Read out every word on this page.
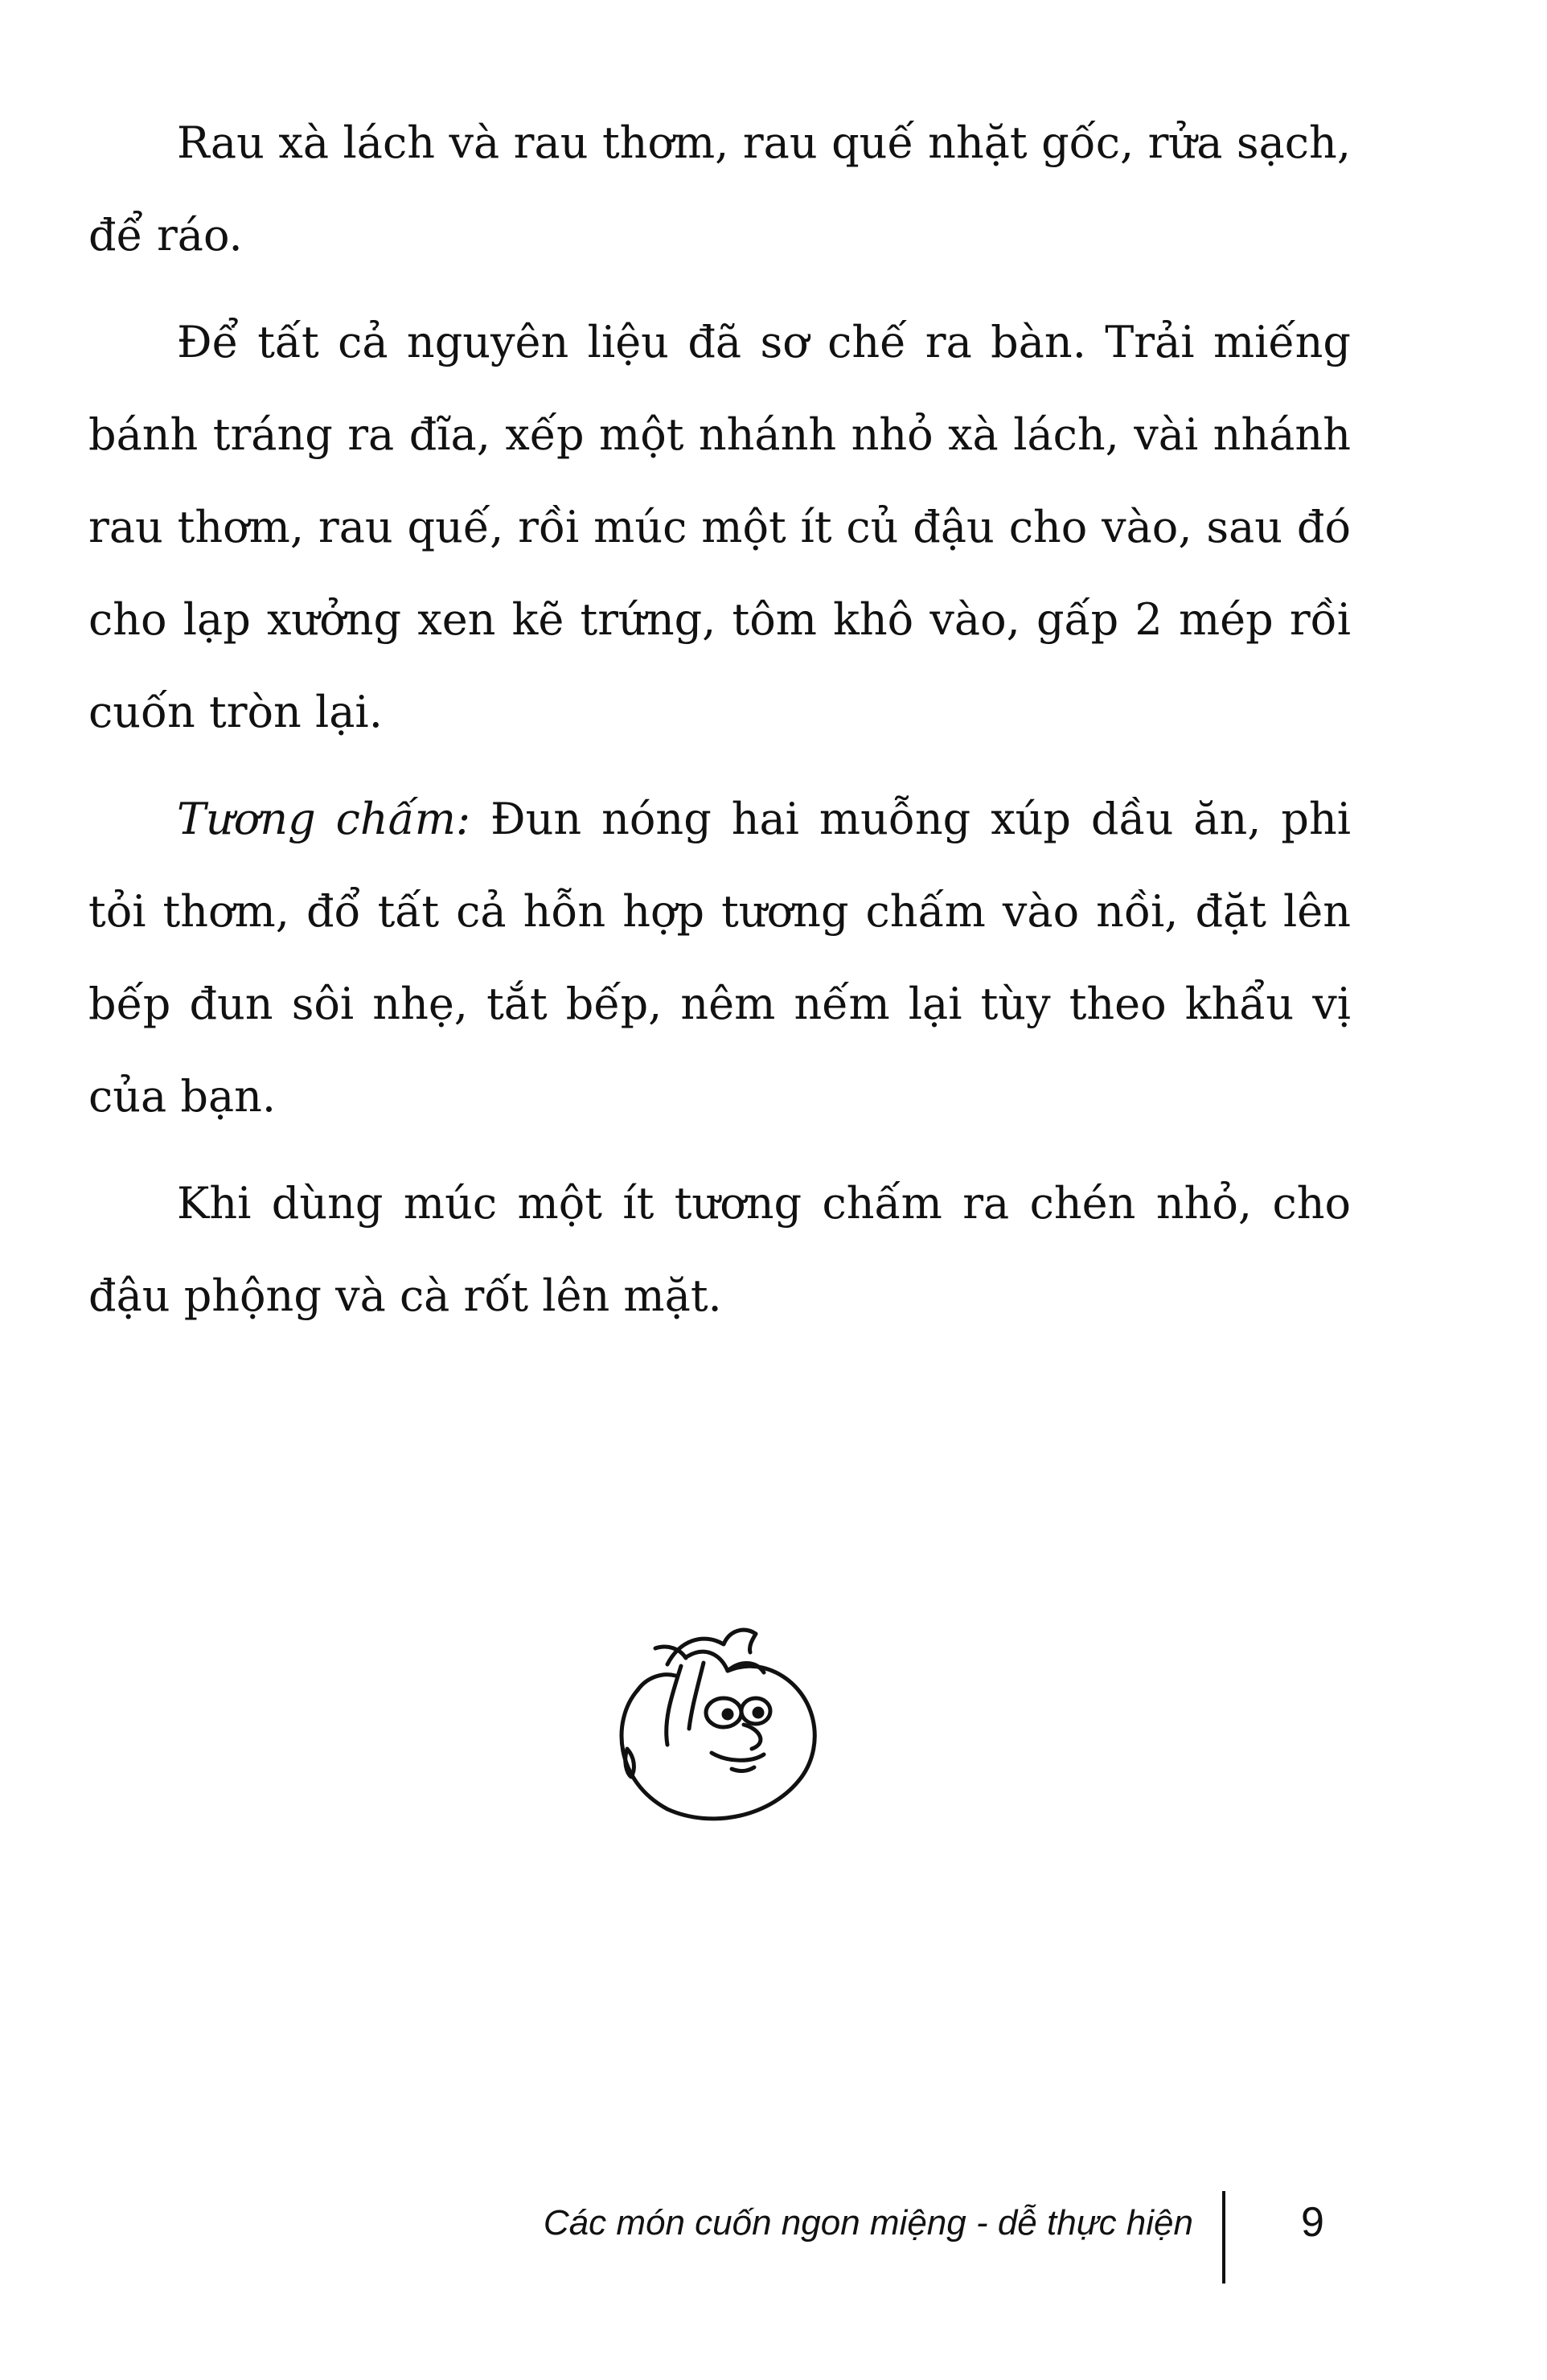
Rau xà lách và rau thơm, rau quế nhặt gốc, rửa sạch, để ráo.

Để tất cả nguyên liệu đã sơ chế ra bàn. Trải miếng bánh tráng ra đĩa, xếp một nhánh nhỏ xà lách, vài nhánh rau thơm, rau quế, rồi múc một ít củ đậu cho vào, sau đó cho lạp xưởng xen kẽ trứng, tôm khô vào, gấp 2 mép rồi cuốn tròn lại.

Tương chấm: Đun nóng hai muỗng xúp dầu ăn, phi tỏi thơm, đổ tất cả hỗn hợp tương chấm vào nồi, đặt lên bếp đun sôi nhẹ, tắt bếp, nêm nếm lại tùy theo khẩu vị của bạn.

Khi dùng múc một ít tương chấm ra chén nhỏ, cho đậu phộng và cà rốt lên mặt.

Các món cuốn ngon miệng - dễ thực hiện	9
